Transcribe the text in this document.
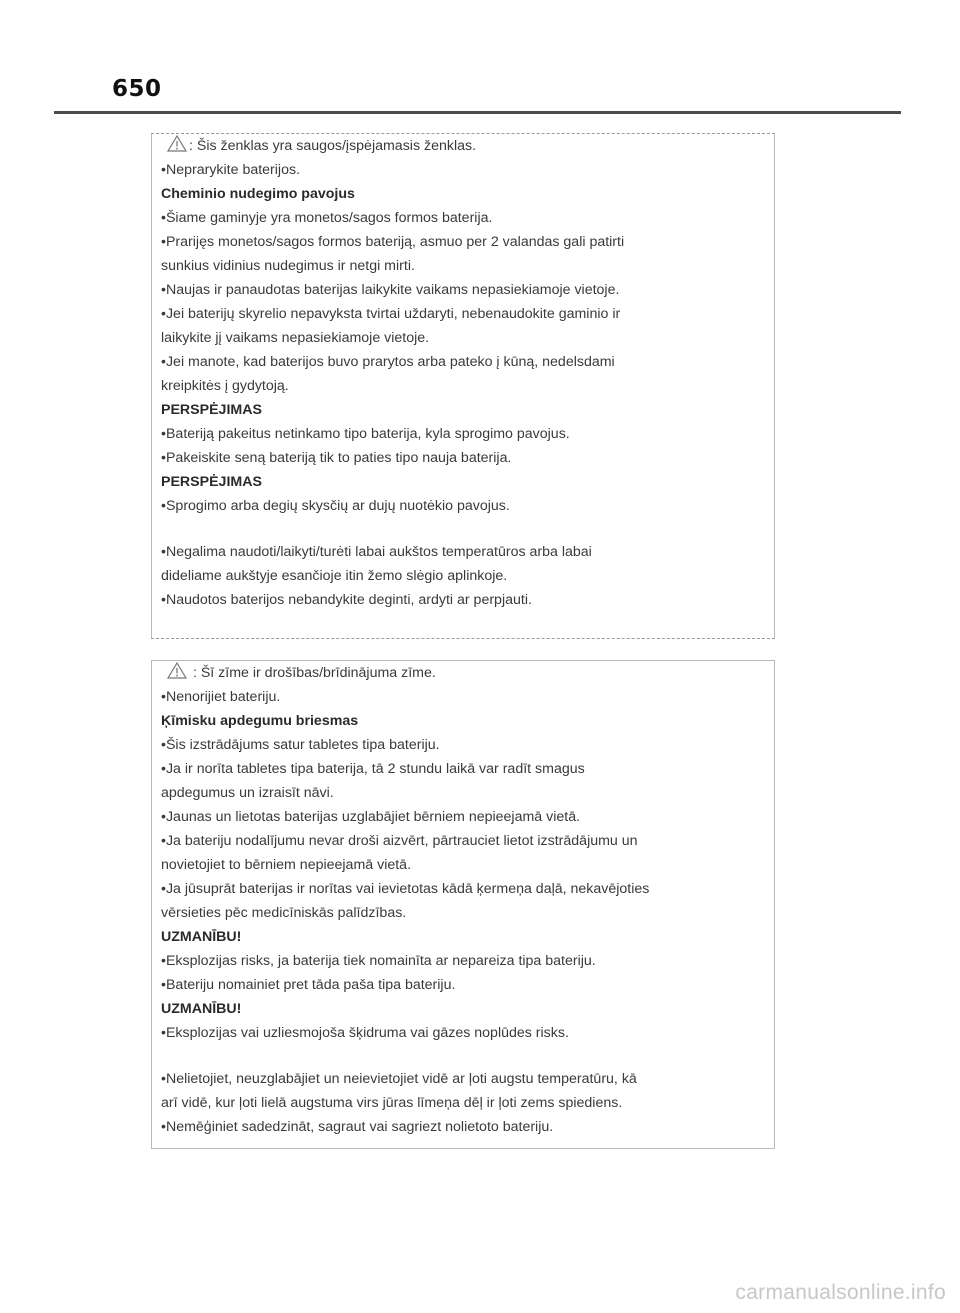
650
: Šis ženklas yra saugos/įspėjamasis ženklas.
•Neprarykite baterijos.
Cheminio nudegimo pavojus
•Šiame gaminyje yra monetos/sagos formos baterija.
•Prarijęs monetos/sagos formos bateriją, asmuo per 2 valandas gali patirti
sunkius vidinius nudegimus ir netgi mirti.
•Naujas ir panaudotas baterijas laikykite vaikams nepasiekiamoje vietoje.
•Jei baterijų skyrelio nepavyksta tvirtai uždaryti, nebenaudokite gaminio ir
laikykite jį vaikams nepasiekiamoje vietoje.
•Jei manote, kad baterijos buvo prarytos arba pateko į kūną, nedelsdami
kreipkitės į gydytoją.
PERSPĖJIMAS
•Bateriją pakeitus netinkamo tipo baterija, kyla sprogimo pavojus.
•Pakeiskite seną bateriją tik to paties tipo nauja baterija.
PERSPĖJIMAS
•Sprogimo arba degių skysčių ar dujų nuotėkio pavojus.
•Negalima naudoti/laikyti/turėti labai aukštos temperatūros arba labai
dideliame aukštyje esančioje itin žemo slėgio aplinkoje.
•Naudotos baterijos nebandykite deginti, ardyti ar perpjauti.
: Šī zīme ir drošības/brīdinājuma zīme.
•Nenorijiet bateriju.
Ķīmisku apdegumu briesmas
•Šis izstrādājums satur tabletes tipa bateriju.
•Ja ir norīta tabletes tipa baterija, tā 2 stundu laikā var radīt smagus
apdegumus un izraisīt nāvi.
•Jaunas un lietotas baterijas uzglabājiet bērniem nepieejamā vietā.
•Ja bateriju nodalījumu nevar droši aizvērt, pārtrauciet lietot izstrādājumu un
novietojiet to bērniem nepieejamā vietā.
•Ja jūsuprāt baterijas ir norītas vai ievietotas kādā ķermeņa daļā, nekavējoties
vērsieties pēc medicīniskās palīdzības.
UZMANĪBU!
•Eksplozijas risks, ja baterija tiek nomainīta ar nepareiza tipa bateriju.
•Bateriju nomainiet pret tāda paša tipa bateriju.
UZMANĪBU!
•Eksplozijas vai uzliesmojoša šķidruma vai gāzes noplūdes risks.
•Nelietojiet, neuzglabājiet un neievietojiet vidē ar ļoti augstu temperatūru, kā
arī vidē, kur ļoti lielā augstuma virs jūras līmeņa dēļ ir ļoti zems spiediens.
•Nemēģiniet sadedzināt, sagraut vai sagriezt nolietoto bateriju.
carmanualsonline.info
